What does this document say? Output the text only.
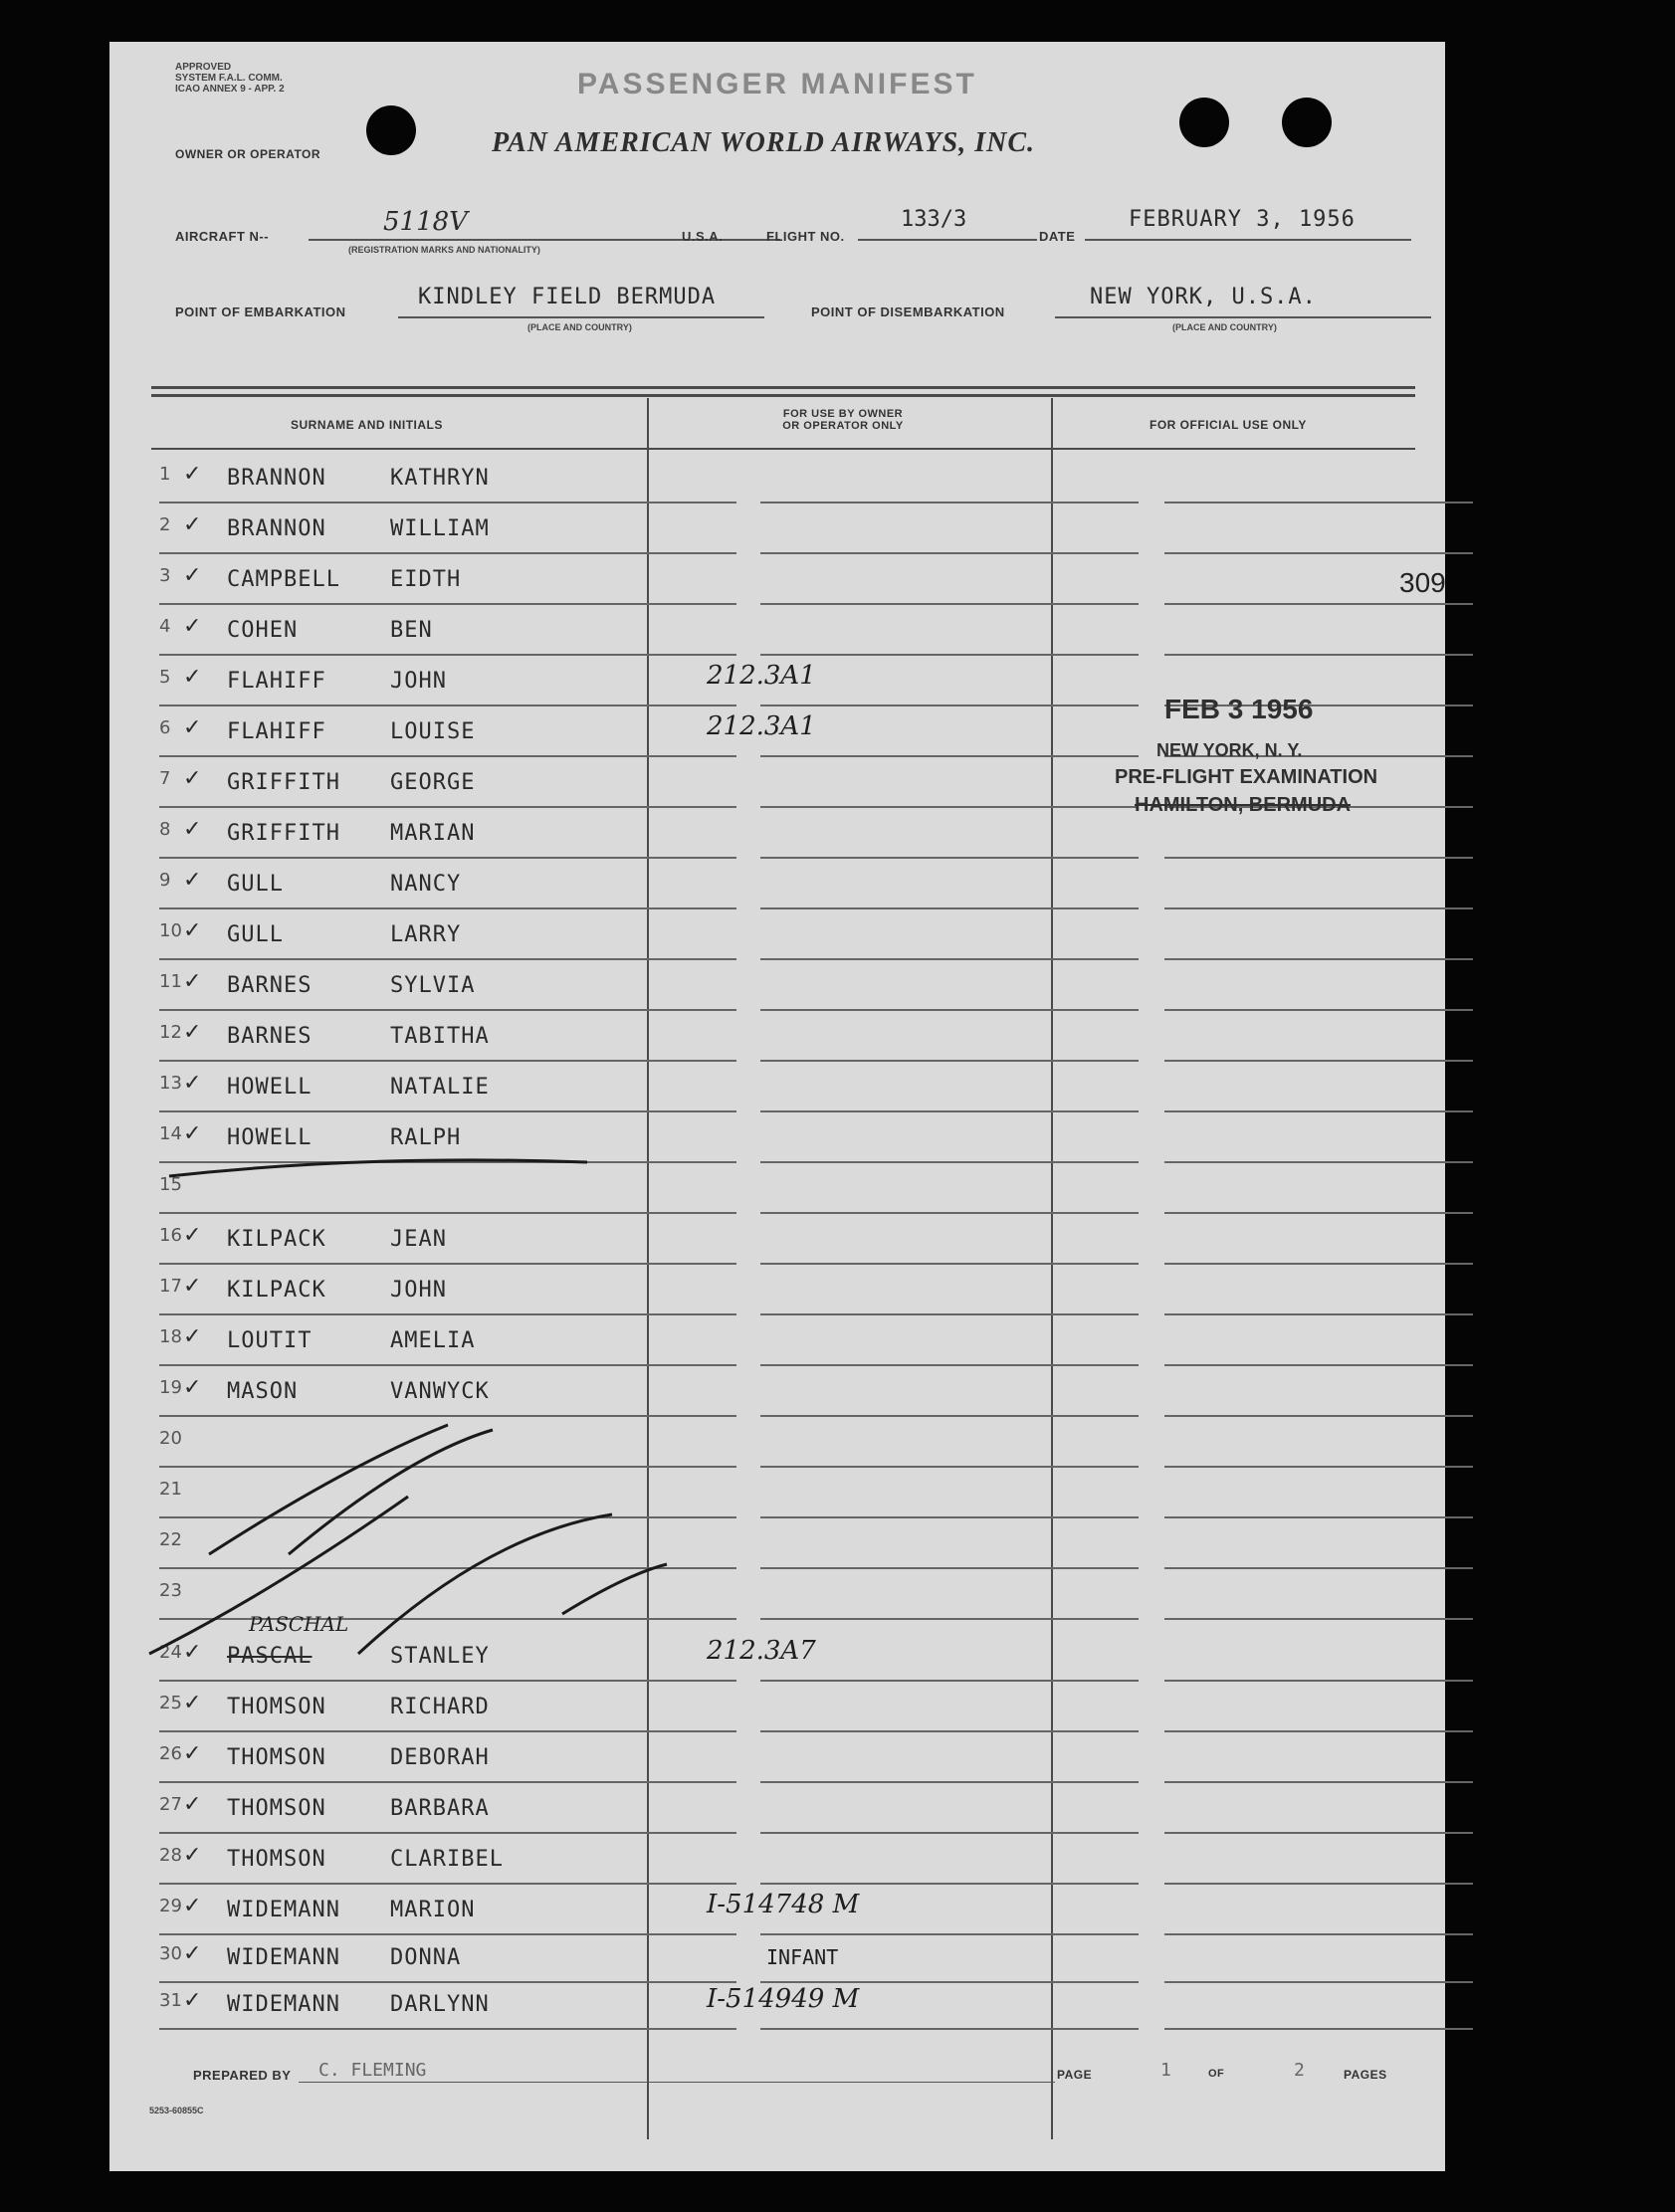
APPROVED
SYSTEM F.A.L. COMM.
ICAO ANNEX 9 - APP. 2	PASSENGER MANIFEST
OWNER OR OPERATOR	PAN AMERICAN WORLD AIRWAYS, INC.
AIRCRAFT N--	5118V
(REGISTRATION MARKS AND NATIONALITY)
U.S.A.	FLIGHT NO.
133/3
DATE
FEBRUARY 3, 1956
POINT OF EMBARKATION
KINDLEY FIELD BERMUDA
(PLACE AND COUNTRY)
POINT OF DISEMBARKATION
NEW YORK, U.S.A.
(PLACE AND COUNTRY)
SURNAME AND INITIALS
FOR USE BY OWNER
OR OPERATOR ONLY	FOR OFFICIAL USE ONLY
309
1 ✓ BRANNON	KATHRYN
2 ✓ BRANNON	WILLIAM
3 ✓ CAMPBELL EIDTH
4 ✓ COHEN	BEN
5 ✓ FLAHIFF	JOHN	212.3A1
6 ✓ FLAHIFF	LOUISE	212.3A1
7 ✓ GRIFFITH GEORGE
8 ✓ GRIFFITH MARIAN
9 ✓ GULL	NANCY
10 ✓ GULL	LARRY
11 ✓ BARNES	SYLVIA
12 ✓ BARNES	TABITHA
13 ✓ HOWELL	NATALIE
14 ✓ HOWELL	RALPH
15
16 ✓ KILPACK	JEAN
17 ✓ KILPACK	JOHN
18 ✓ LOUTIT	AMELIA
19 ✓ MASON	VANWYCK
20
21
22
23
24 ✓ PASCAL	STANLEY	212.3A7
25 ✓ THOMSON	RICHARD
26 ✓ THOMSON	DEBORAH
27 ✓ THOMSON	BARBARA
28 ✓ THOMSON	CLARIBEL
29 ✓ WIDEMANN MARION	I-514748 M
30 ✓ WIDEMANN DONNA	INFANT
31 ✓ WIDEMANN DARLYNN	I-514949 M
PASCHAL
FEB 3 1956
NEW YORK, N. Y.
PRE-FLIGHT EXAMINATION
HAMILTON, BERMUDA
PREPARED BY C. FLEMING	PAGE	1	OF	2	PAGES
5253-60855C
